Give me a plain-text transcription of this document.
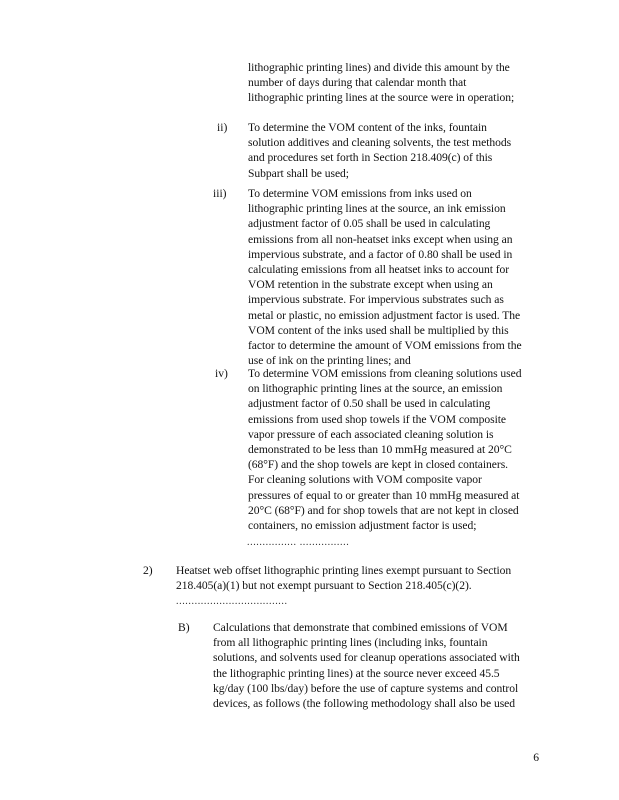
lithographic printing lines) and divide this amount by the
number of days during that calendar month that
lithographic printing lines at the source were in operation;

ii) To determine the VOM content of the inks, fountain
solution additives and cleaning solvents, the test methods
and procedures set forth in Section 218.409(c) of this
Subpart shall be used;

iii) To determine VOM emissions from inks used on
lithographic printing lines at the source, an ink emission
adjustment factor of 0.05 shall be used in calculating
emissions from all non-heatset inks except when using an
impervious substrate, and a factor of 0.80 shall be used in
calculating emissions from all heatset inks to account for
VOM retention in the substrate except when using an
impervious substrate. For impervious substrates such as
metal or plastic, no emission adjustment factor is used. The
VOM content of the inks used shall be multiplied by this
factor to determine the amount of VOM emissions from the
use of ink on the printing lines; and

iv) To determine VOM emissions from cleaning solutions used
on lithographic printing lines at the source, an emission
adjustment factor of 0.50 shall be used in calculating
emissions from used shop towels if the VOM composite
vapor pressure of each associated cleaning solution is
demonstrated to be less than 10 mmHg measured at 20°C
(68°F) and the shop towels are kept in closed containers.
For cleaning solutions with VOM composite vapor
pressures of equal to or greater than 10 mmHg measured at
20°C (68°F) and for shop towels that are not kept in closed
containers, no emission adjustment factor is used;

................ ................
2) Heatset web offset lithographic printing lines exempt pursuant to Section
218.405(a)(1) but not exempt pursuant to Section 218.405(c)(2).

....................................
B) Calculations that demonstrate that combined emissions of VOM
from all lithographic printing lines (including inks, fountain
solutions, and solvents used for cleanup operations associated with
the lithographic printing lines) at the source never exceed 45.5
kg/day (100 lbs/day) before the use of capture systems and control
devices, as follows (the following methodology shall also be used

6
